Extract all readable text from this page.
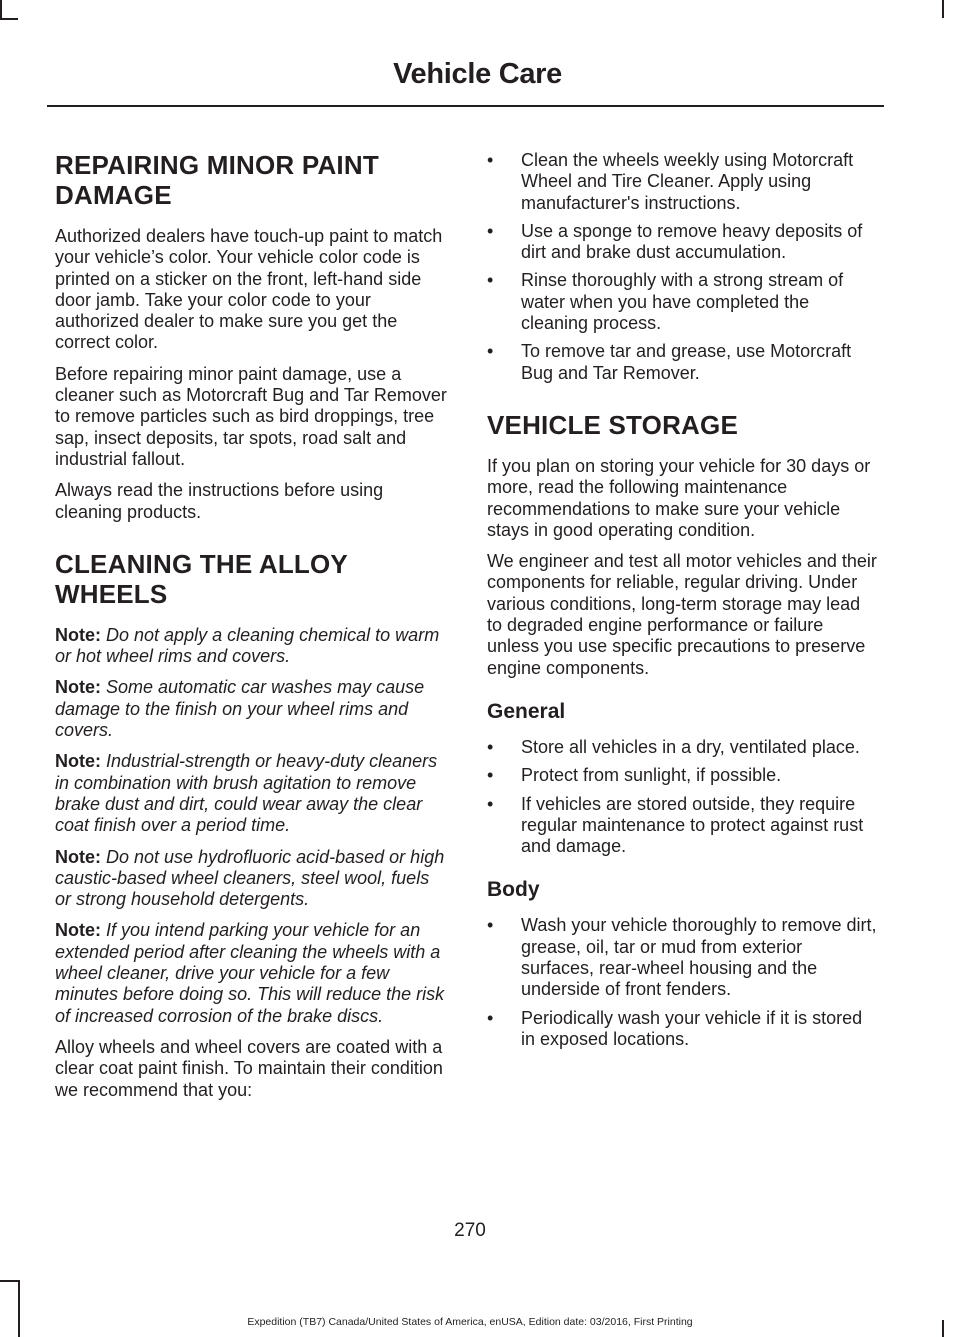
Vehicle Care
REPAIRING MINOR PAINT DAMAGE

Authorized dealers have touch-up paint to match your vehicle’s color. Your vehicle color code is printed on a sticker on the front, left-hand side door jamb. Take your color code to your authorized dealer to make sure you get the correct color.

Before repairing minor paint damage, use a cleaner such as Motorcraft Bug and Tar Remover to remove particles such as bird droppings, tree sap, insect deposits, tar spots, road salt and industrial fallout.

Always read the instructions before using cleaning products.

CLEANING THE ALLOY WHEELS

Note: Do not apply a cleaning chemical to warm or hot wheel rims and covers.

Note: Some automatic car washes may cause damage to the finish on your wheel rims and covers.

Note: Industrial-strength or heavy-duty cleaners in combination with brush agitation to remove brake dust and dirt, could wear away the clear coat finish over a period time.

Note: Do not use hydrofluoric acid-based or high caustic-based wheel cleaners, steel wool, fuels or strong household detergents.

Note: If you intend parking your vehicle for an extended period after cleaning the wheels with a wheel cleaner, drive your vehicle for a few minutes before doing so. This will reduce the risk of increased corrosion of the brake discs.

Alloy wheels and wheel covers are coated with a clear coat paint finish. To maintain their condition we recommend that you:

• Clean the wheels weekly using Motorcraft Wheel and Tire Cleaner. Apply using manufacturer's instructions.
• Use a sponge to remove heavy deposits of dirt and brake dust accumulation.
• Rinse thoroughly with a strong stream of water when you have completed the cleaning process.
• To remove tar and grease, use Motorcraft Bug and Tar Remover.
VEHICLE STORAGE

If you plan on storing your vehicle for 30 days or more, read the following maintenance recommendations to make sure your vehicle stays in good operating condition.

We engineer and test all motor vehicles and their components for reliable, regular driving. Under various conditions, long-term storage may lead to degraded engine performance or failure unless you use specific precautions to preserve engine components.

General
• Store all vehicles in a dry, ventilated place.
• Protect from sunlight, if possible.
• If vehicles are stored outside, they require regular maintenance to protect against rust and damage.
Body
• Wash your vehicle thoroughly to remove dirt, grease, oil, tar or mud from exterior surfaces, rear-wheel housing and the underside of front fenders.
• Periodically wash your vehicle if it is stored in exposed locations.
270
Expedition (TB7) Canada/United States of America, enUSA, Edition date: 03/2016, First Printing
